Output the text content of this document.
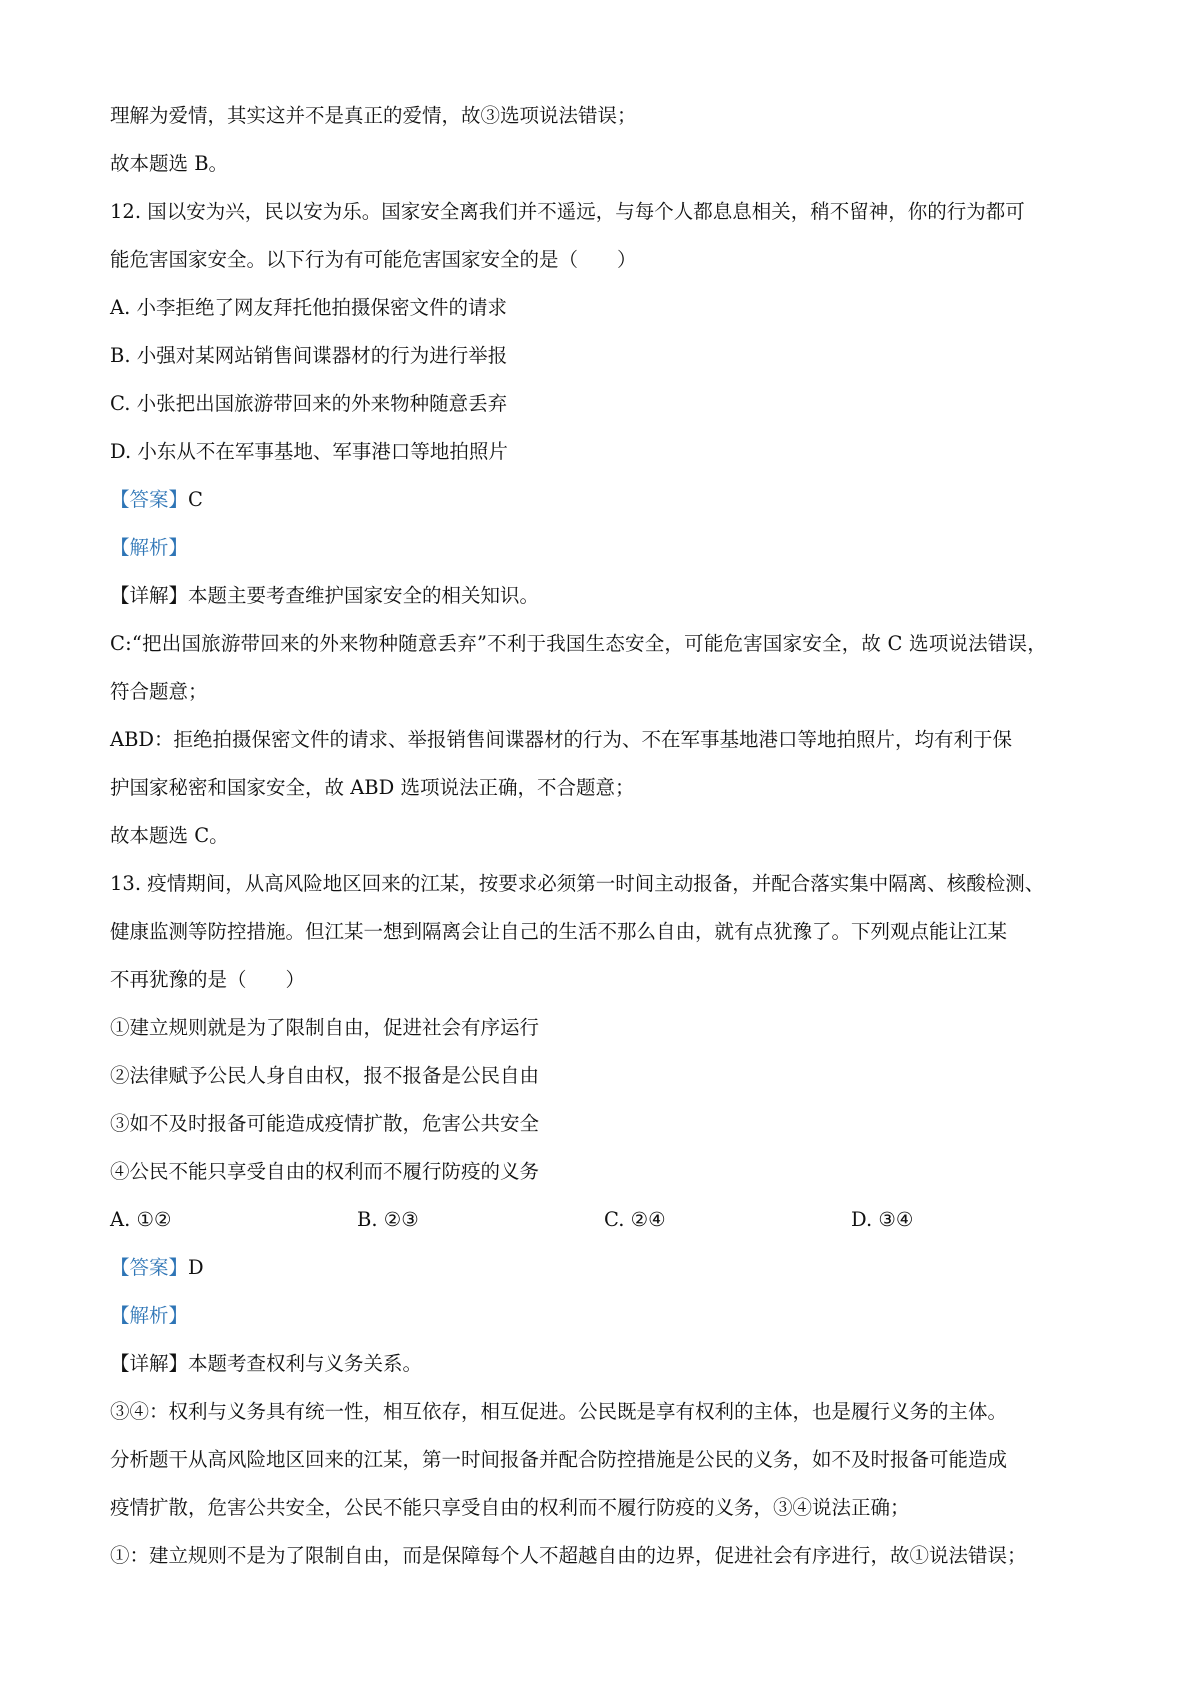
理解为爱情，其实这并不是真正的爱情，故③选项说法错误；
故本题选 B。
12. 国以安为兴，民以安为乐。国家安全离我们并不遥远，与每个人都息息相关，稍不留神，你的行为都可
能危害国家安全。以下行为有可能危害国家安全的是（　　）
A. 小李拒绝了网友拜托他拍摄保密文件的请求
B. 小强对某网站销售间谍器材的行为进行举报
C. 小张把出国旅游带回来的外来物种随意丢弃
D. 小东从不在军事基地、军事港口等地拍照片
【答案】C
【解析】
【详解】本题主要考查维护国家安全的相关知识。
C:“把出国旅游带回来的外来物种随意丢弃”不利于我国生态安全，可能危害国家安全，故 C 选项说法错误，
符合题意；
ABD：拒绝拍摄保密文件的请求、举报销售间谍器材的行为、不在军事基地港口等地拍照片，均有利于保
护国家秘密和国家安全，故 ABD 选项说法正确，不合题意；
故本题选 C。
13. 疫情期间，从高风险地区回来的江某，按要求必须第一时间主动报备，并配合落实集中隔离、核酸检测、
健康监测等防控措施。但江某一想到隔离会让自己的生活不那么自由，就有点犹豫了。下列观点能让江某
不再犹豫的是（　　）
①建立规则就是为了限制自由，促进社会有序运行
②法律赋予公民人身自由权，报不报备是公民自由
③如不及时报备可能造成疫情扩散，危害公共安全
④公民不能只享受自由的权利而不履行防疫的义务
A. ①②	B. ②③	C. ②④	D. ③④
【答案】D
【解析】
【详解】本题考查权利与义务关系。
③④：权利与义务具有统一性，相互依存，相互促进。公民既是享有权利的主体，也是履行义务的主体。
分析题干从高风险地区回来的江某，第一时间报备并配合防控措施是公民的义务，如不及时报备可能造成
疫情扩散，危害公共安全，公民不能只享受自由的权利而不履行防疫的义务，③④说法正确；
①：建立规则不是为了限制自由，而是保障每个人不超越自由的边界，促进社会有序进行，故①说法错误；
